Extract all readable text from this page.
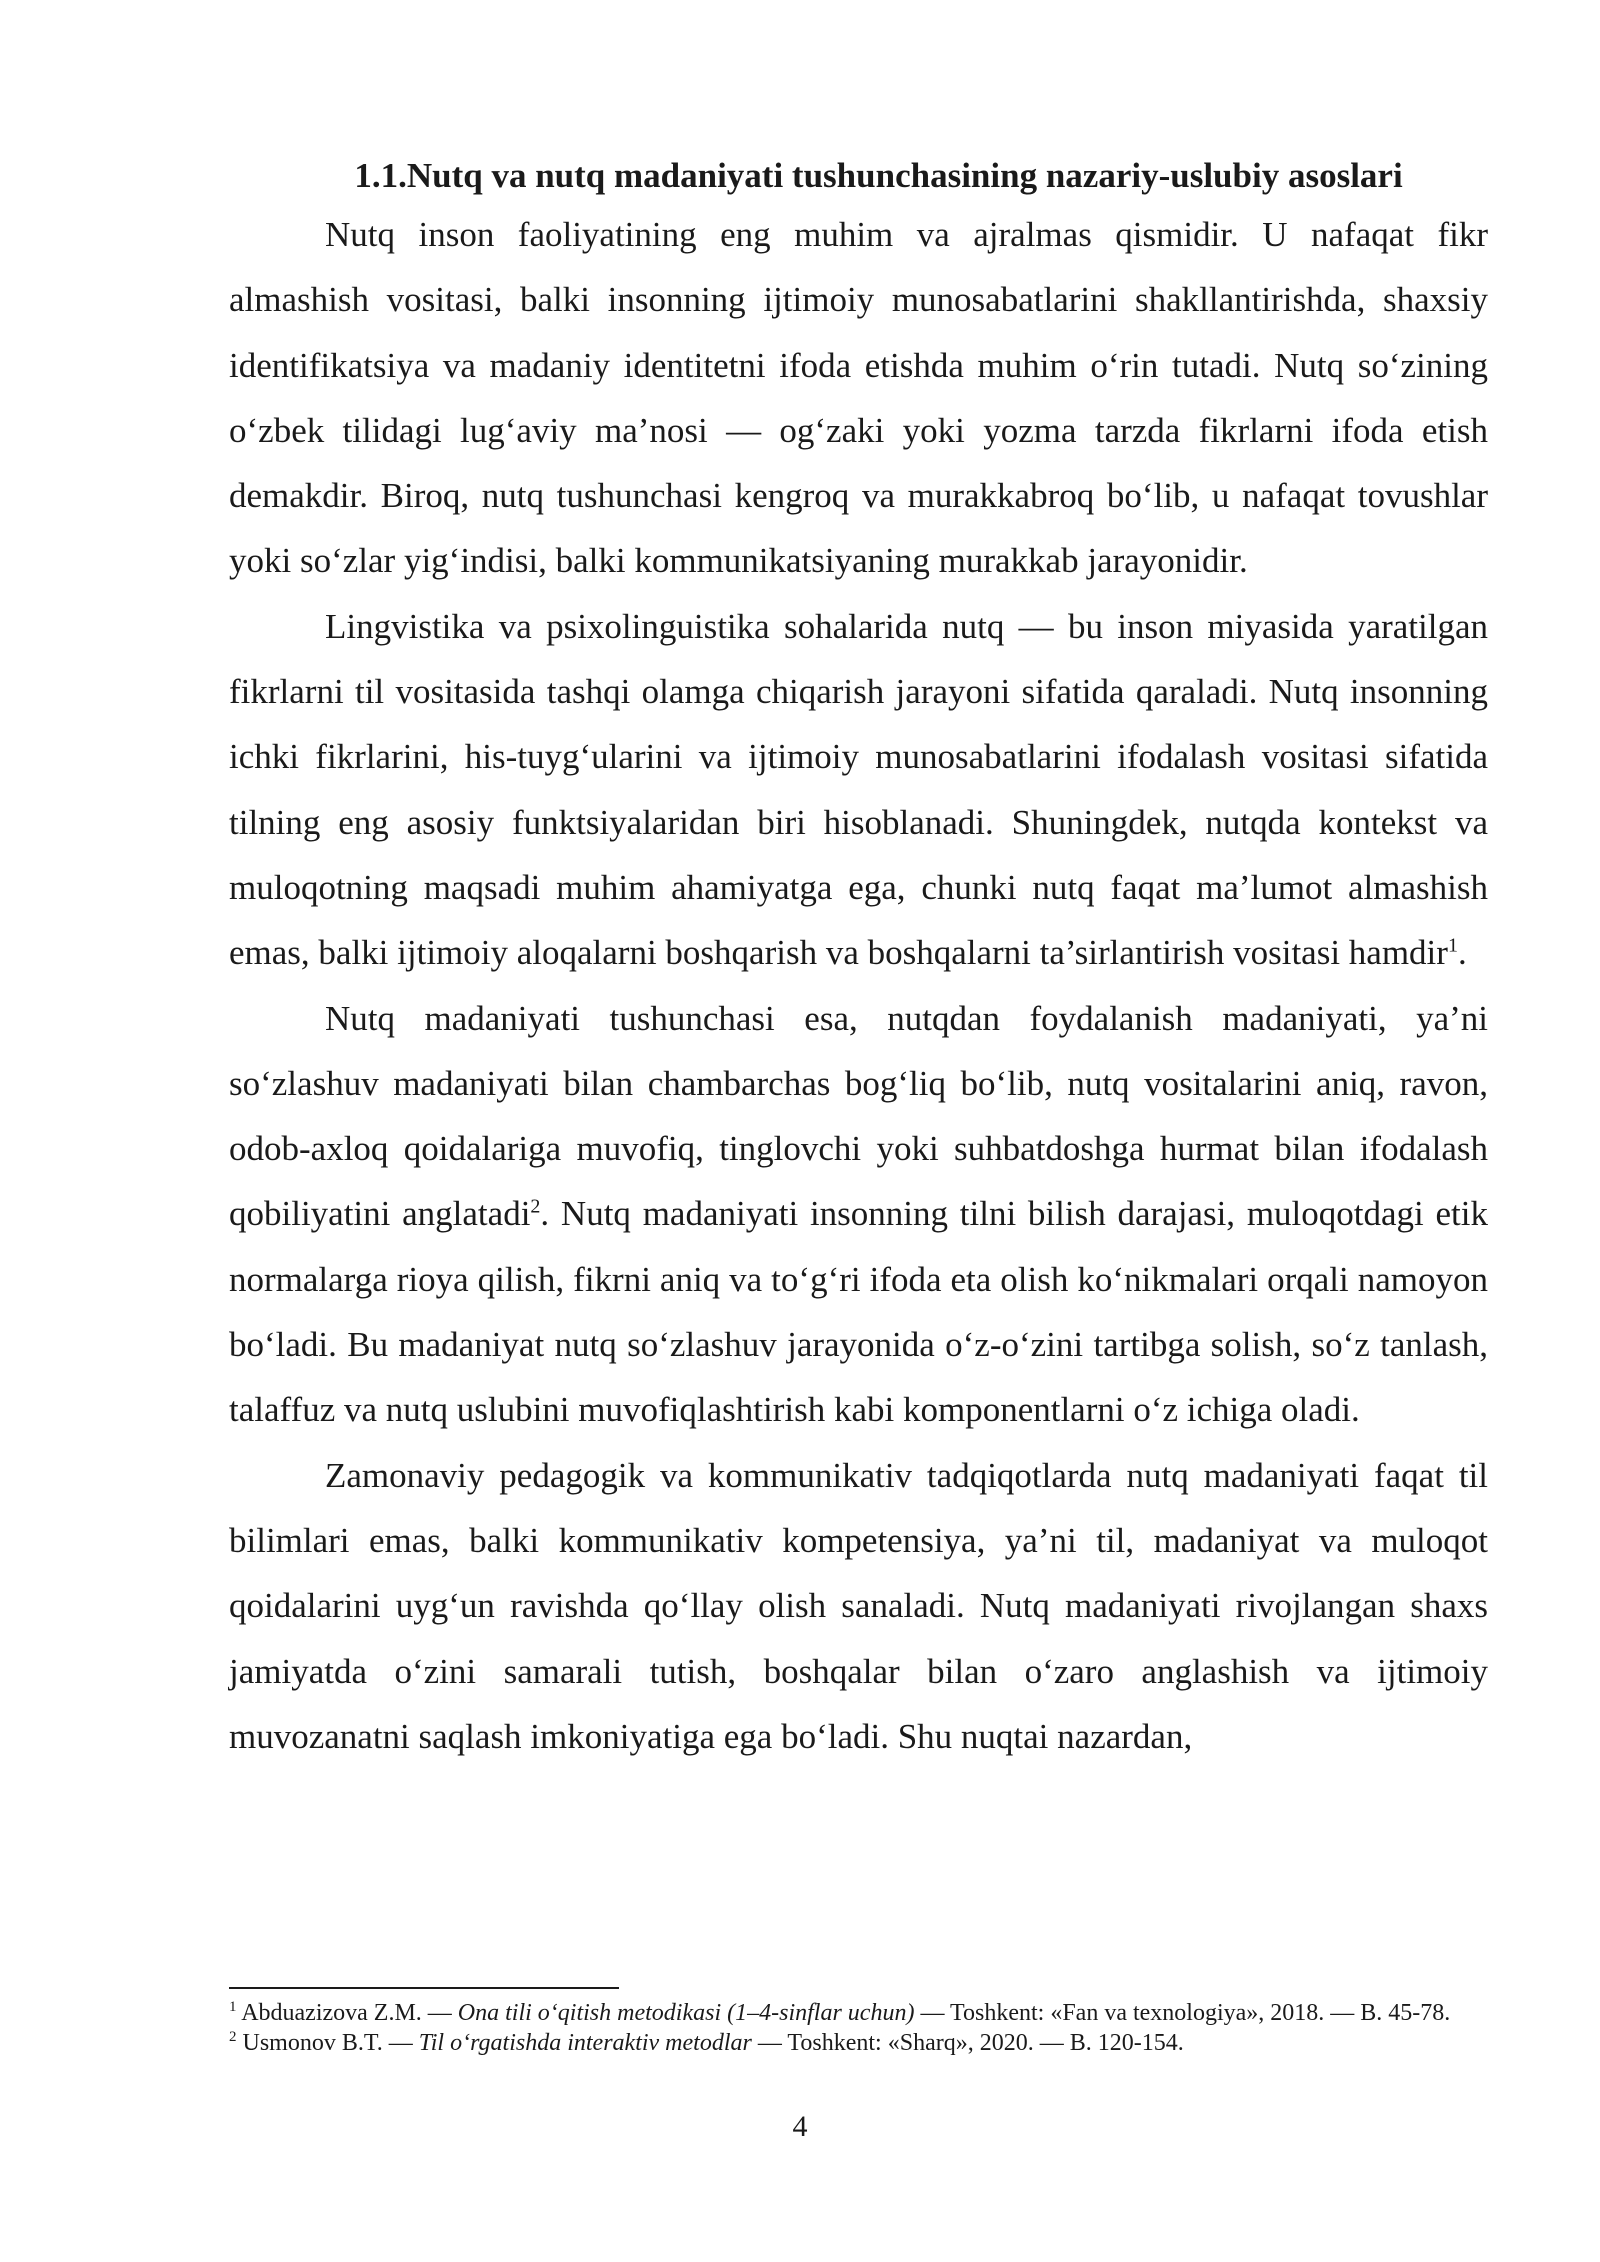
1.1.Nutq va nutq madaniyati tushunchasining nazariy-uslubiy asoslari

Nutq inson faoliyatining eng muhim va ajralmas qismidir. U nafaqat fikr almashish vositasi, balki insonning ijtimoiy munosabatlarini shakllantirishda, shaxsiy identifikatsiya va madaniy identitetni ifoda etishda muhim o‘rin tutadi. Nutq so‘zining o‘zbek tilidagi lug‘aviy ma’nosi — og‘zaki yoki yozma tarzda fikrlarni ifoda etish demakdir. Biroq, nutq tushunchasi kengroq va murakkabroq bo‘lib, u nafaqat tovushlar yoki so‘zlar yig‘indisi, balki kommunikatsiyaning murakkab jarayonidir.

Lingvistika va psixolinguistika sohalarida nutq — bu inson miyasida yaratilgan fikrlarni til vositasida tashqi olamga chiqarish jarayoni sifatida qaraladi. Nutq insonning ichki fikrlarini, his-tuyg‘ularini va ijtimoiy munosabatlarini ifodalash vositasi sifatida tilning eng asosiy funktsiyalaridan biri hisoblanadi. Shuningdek, nutqda kontekst va muloqotning maqsadi muhim ahamiyatga ega, chunki nutq faqat ma’lumot almashish emas, balki ijtimoiy aloqalarni boshqarish va boshqalarni ta’sirlantirish vositasi hamdir$^1$.

Nutq madaniyati tushunchasi esa, nutqdan foydalanish madaniyati, ya’ni so‘zlashuv madaniyati bilan chambarchas bog‘liq bo‘lib, nutq vositalarini aniq, ravon, odob-axloq qoidalariga muvofiq, tinglovchi yoki suhbatdoshga hurmat bilan ifodalash qobiliyatini anglatadi$^2$. Nutq madaniyati insonning tilni bilish darajasi, muloqotdagi etik normalarga rioya qilish, fikrni aniq va to‘g‘ri ifoda eta olish ko‘nikmalari orqali namoyon bo‘ladi. Bu madaniyat nutq so‘zlashuv jarayonida o‘z-o‘zini tartibga solish, so‘z tanlash, talaffuz va nutq uslubini muvofiqlashtirish kabi komponentlarni o‘z ichiga oladi.

Zamonaviy pedagogik va kommunikativ tadqiqotlarda nutq madaniyati faqat til bilimlari emas, balki kommunikativ kompetensiya, ya’ni til, madaniyat va muloqot qoidalarini uyg‘un ravishda qo‘llay olish sanaladi. Nutq madaniyati rivojlangan shaxs jamiyatda o‘zini samarali tutish, boshqalar bilan o‘zaro anglashish va ijtimoiy muvozanatni saqlash imkoniyatiga ega bo‘ladi. Shu nuqtai nazardan,

$^1$ Abduazizova Z.M. — Ona tili o‘qitish metodikasi (1–4-sinflar uchun) — Toshkent: «Fan va texnologiya», 2018. — B. 45-78.

$^2$ Usmonov B.T. — Til o‘rgatishda interaktiv metodlar — Toshkent: «Sharq», 2020. — B. 120-154.

4
